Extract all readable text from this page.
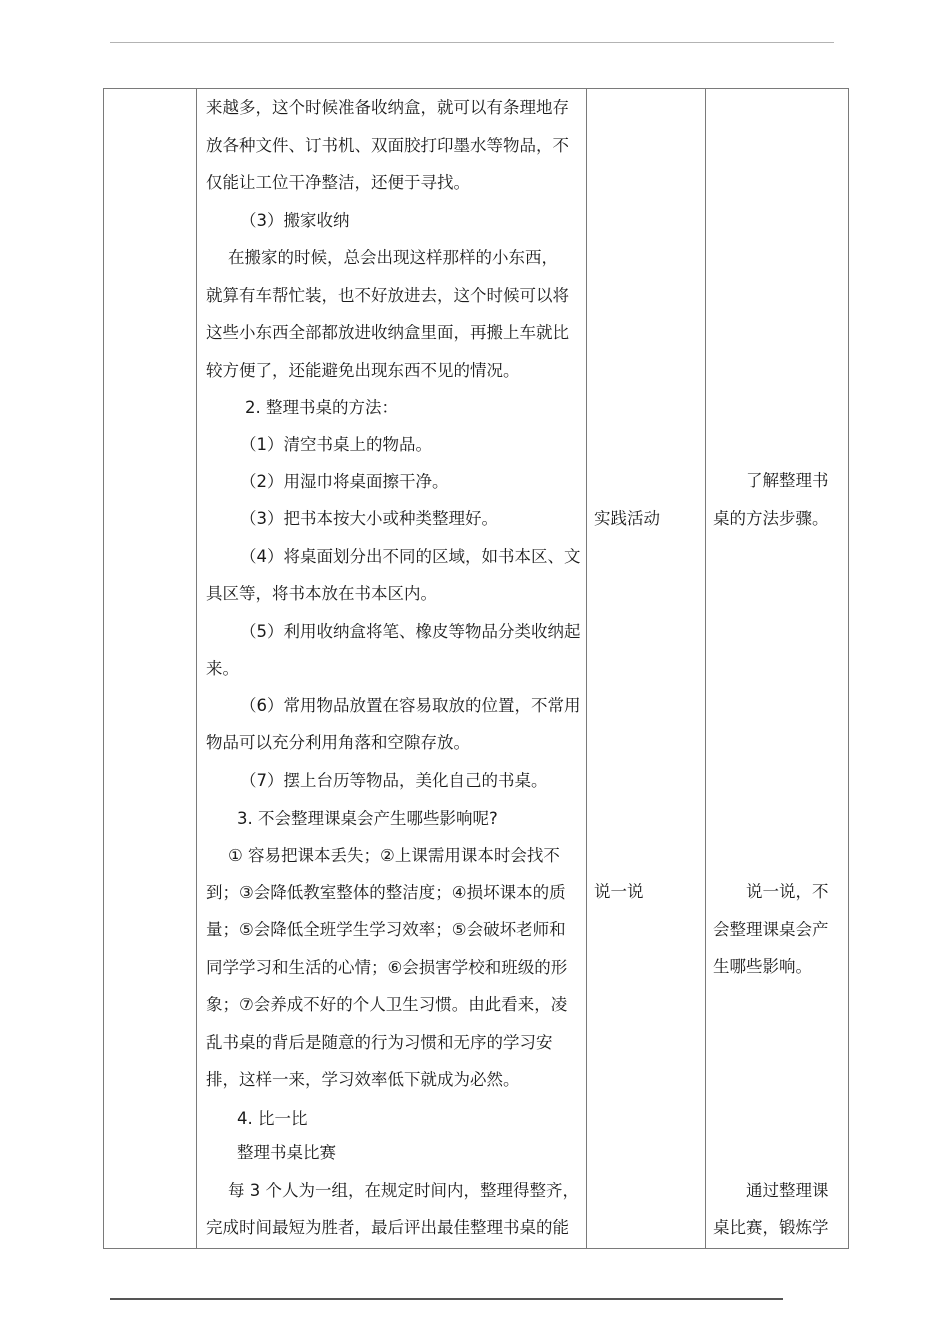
来越多，这个时候准备收纳盒，就可以有条理地存
放各种文件、订书机、双面胶打印墨水等物品，不
仅能让工位干净整洁，还便于寻找。
（3）搬家收纳
在搬家的时候，总会出现这样那样的小东西，
就算有车帮忙装，也不好放进去，这个时候可以将
这些小东西全部都放进收纳盒里面，再搬上车就比
较方便了，还能避免出现东西不见的情况。
2. 整理书桌的方法：
（1）清空书桌上的物品。
（2）用湿巾将桌面擦干净。
（3）把书本按大小或种类整理好。
（4）将桌面划分出不同的区域，如书本区、文
具区等，将书本放在书本区内。
（5）利用收纳盒将笔、橡皮等物品分类收纳起
来。
（6）常用物品放置在容易取放的位置，不常用
物品可以充分利用角落和空隙存放。
（7）摆上台历等物品，美化自己的书桌。
3. 不会整理课桌会产生哪些影响呢?
① 容易把课本丢失；②上课需用课本时会找不
到；③会降低教室整体的整洁度；④损坏课本的质
量；⑤会降低全班学生学习效率；⑤会破坏老师和
同学学习和生活的心情；⑥会损害学校和班级的形
象；⑦会养成不好的个人卫生习惯。由此看来，凌
乱书桌的背后是随意的行为习惯和无序的学习安
排，这样一来，学习效率低下就成为必然。
4. 比一比
整理书桌比赛
每 3 个人为一组，在规定时间内，整理得整齐，
完成时间最短为胜者，最后评出最佳整理书桌的能
实践活动
说一说
了解整理书
桌的方法步骤。
说一说，不
会整理课桌会产
生哪些影响。
通过整理课
桌比赛，锻炼学
